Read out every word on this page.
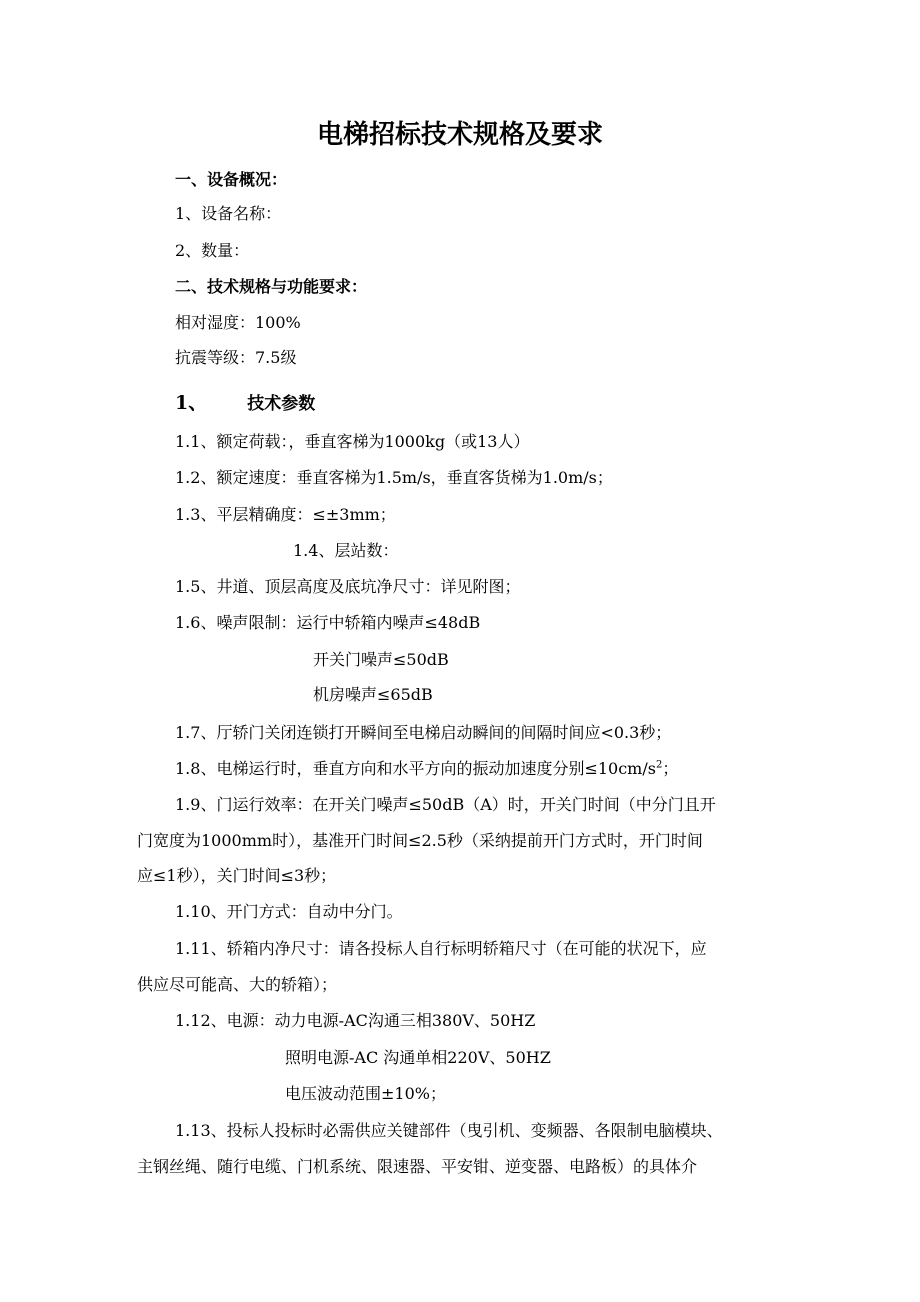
电梯招标技术规格及要求
一、设备概况：
1、设备名称：
2、数量：
二、技术规格与功能要求：
相对湿度：100%
抗震等级：7.5级
1、 技术参数
1.1、额定荷载：，垂直客梯为1000kg（或13人）
1.2、额定速度：垂直客梯为1.5m/s，垂直客货梯为1.0m/s；
1.3、平层精确度：≤±3mm；
1.4、层站数：
1.5、井道、顶层高度及底坑净尺寸：详见附图；
1.6、噪声限制：运行中轿箱内噪声≤48dB
开关门噪声≤50dB
机房噪声≤65dB
1.7、厅轿门关闭连锁打开瞬间至电梯启动瞬间的间隔时间应<0.3秒；
1.8、电梯运行时，垂直方向和水平方向的振动加速度分别$\le 10cm/s^2$；
1.9、门运行效率：在开关门噪声≤50dB（A）时，开关门时间（中分门且开
门宽度为1000mm时），基准开门时间≤2.5秒（采纳提前开门方式时，开门时间
应≤1秒），关门时间≤3秒；
1.10、开门方式：自动中分门。
1.11、轿箱内净尺寸：请各投标人自行标明轿箱尺寸（在可能的状况下，应
供应尽可能高、大的轿箱）；
1.12、电源：动力电源-AC沟通三相380V、50HZ
照明电源-AC 沟通单相220V、50HZ
电压波动范围±10%；
1.13、投标人投标时必需供应关键部件（曳引机、变频器、各限制电脑模块、
主钢丝绳、随行电缆、门机系统、限速器、平安钳、逆变器、电路板）的具体介
